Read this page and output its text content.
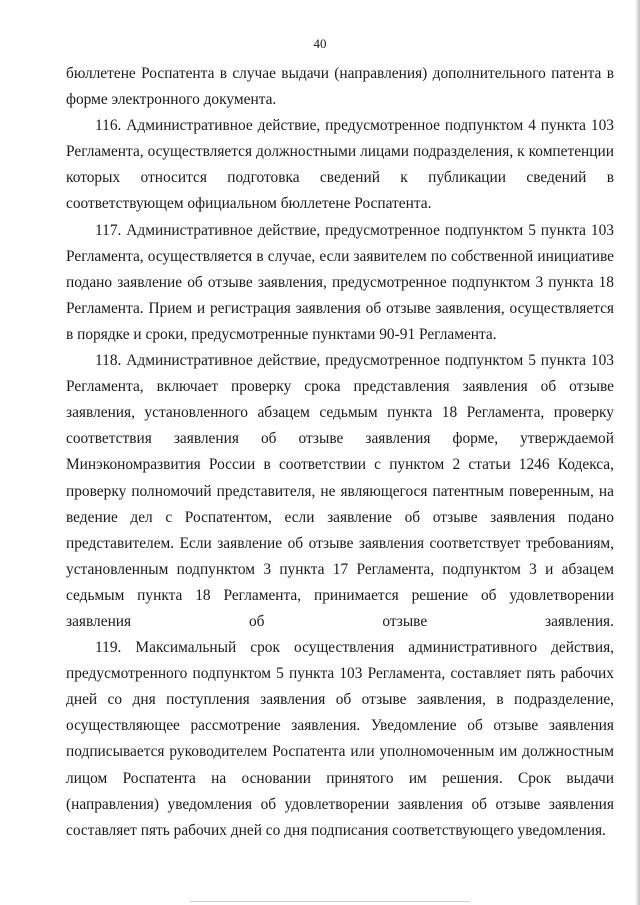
40

бюллетене Роспатента в случае выдачи (направления) дополнительного патента в форме электронного документа.

116. Административное действие, предусмотренное подпунктом 4 пункта 103 Регламента, осуществляется должностными лицами подразделения, к компетенции которых относится подготовка сведений к публикации сведений в соответствующем официальном бюллетене Роспатента.

117. Административное действие, предусмотренное подпунктом 5 пункта 103 Регламента, осуществляется в случае, если заявителем по собственной инициативе подано заявление об отзыве заявления, предусмотренное подпунктом 3 пункта 18 Регламента. Прием и регистрация заявления об отзыве заявления, осуществляется в порядке и сроки, предусмотренные пунктами 90-91 Регламента.

118. Административное действие, предусмотренное подпунктом 5 пункта 103 Регламента, включает проверку срока представления заявления об отзыве заявления, установленного абзацем седьмым пункта 18 Регламента, проверку соответствия заявления об отзыве заявления форме, утверждаемой Минэкономразвития России в соответствии с пунктом 2 статьи 1246 Кодекса, проверку полномочий представителя, не являющегося патентным поверенным, на ведение дел с Роспатентом, если заявление об отзыве заявления подано представителем. Если заявление об отзыве заявления соответствует требованиям, установленным подпунктом 3 пункта 17 Регламента, подпунктом 3 и абзацем седьмым пункта 18 Регламента, принимается решение об удовлетворении заявления об отзыве заявления.

119. Максимальный срок осуществления административного действия, предусмотренного подпунктом 5 пункта 103 Регламента, составляет пять рабочих дней со дня поступления заявления об отзыве заявления, в подразделение, осуществляющее рассмотрение заявления. Уведомление об отзыве заявления подписывается руководителем Роспатента или уполномоченным им должностным лицом Роспатента на основании принятого им решения. Срок выдачи (направления) уведомления об удовлетворении заявления об отзыве заявления составляет пять рабочих дней со дня подписания соответствующего уведомления.
